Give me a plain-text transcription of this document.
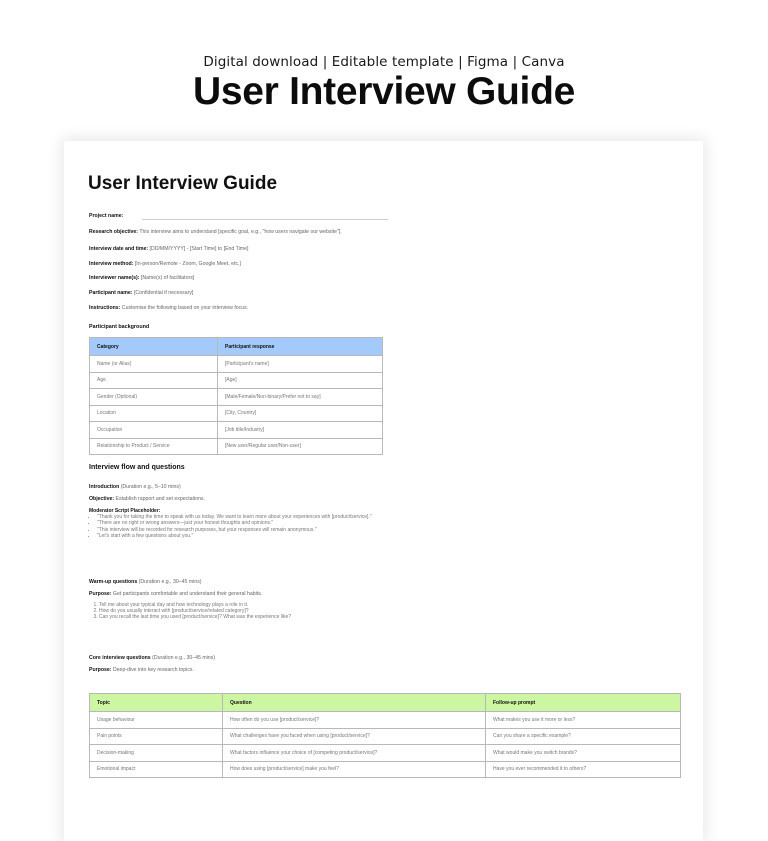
Digital download | Editable template | Figma | Canva
User Interview Guide
User Interview Guide
Project name:
Research objective: This interview aims to understand [specific goal, e.g., "how users navigate our website"].
Interview date and time: [DD/MM/YYYY] - [Start Time] to [End Time]
Interview method: [In-person/Remote - Zoom, Google Meet, etc.]
Interviewer name(s): [Name(s) of facilitators]
Participant name: [Confidential if necessary]
Instructions: Customise the following based on your interview focus.
Participant background
Category	Participant response
Name (or Alias)	[Participant's name]
Age	[Age]
Gender (Optional)	[Male/Female/Non-binary/Prefer not to say]
Location	[City, Country]
Occupation	[Job title/Industry]
Relationship to Product / Service	[New user/Regular user/Non-user]
Interview flow and questions
Introduction (Duration e.g., 5–10 mins)
Objective: Establish rapport and set expectations.
Moderator Script Placeholder:
• "Thank you for taking the time to speak with us today. We want to learn more about your experiences with [product/service]."
• "There are no right or wrong answers—just your honest thoughts and opinions."
• "This interview will be recorded for research purposes, but your responses will remain anonymous."
• "Let's start with a few questions about you."
Warm-up questions (Duration e.g., 30–45 mins)
Purpose: Get participants comfortable and understand their general habits.
1. Tell me about your typical day and how technology plays a role in it.
2. How do you usually interact with [product/service/related category]?
3. Can you recall the last time you used [product/service]? What was the experience like?
Core interview questions (Duration e.g., 30–45 mins)
Purpose: Deep-dive into key research topics.
Topic	Question	Follow-up prompt
Usage behaviour	How often do you use [product/service]?	What makes you use it more or less?
Pain points	What challenges have you faced when using [product/service]?	Can you share a specific example?
Decision-making	What factors influence your choice of [competing product/service]?	What would make you switch brands?
Emotional impact	How does using [product/service] make you feel?	Have you ever recommended it to others?
